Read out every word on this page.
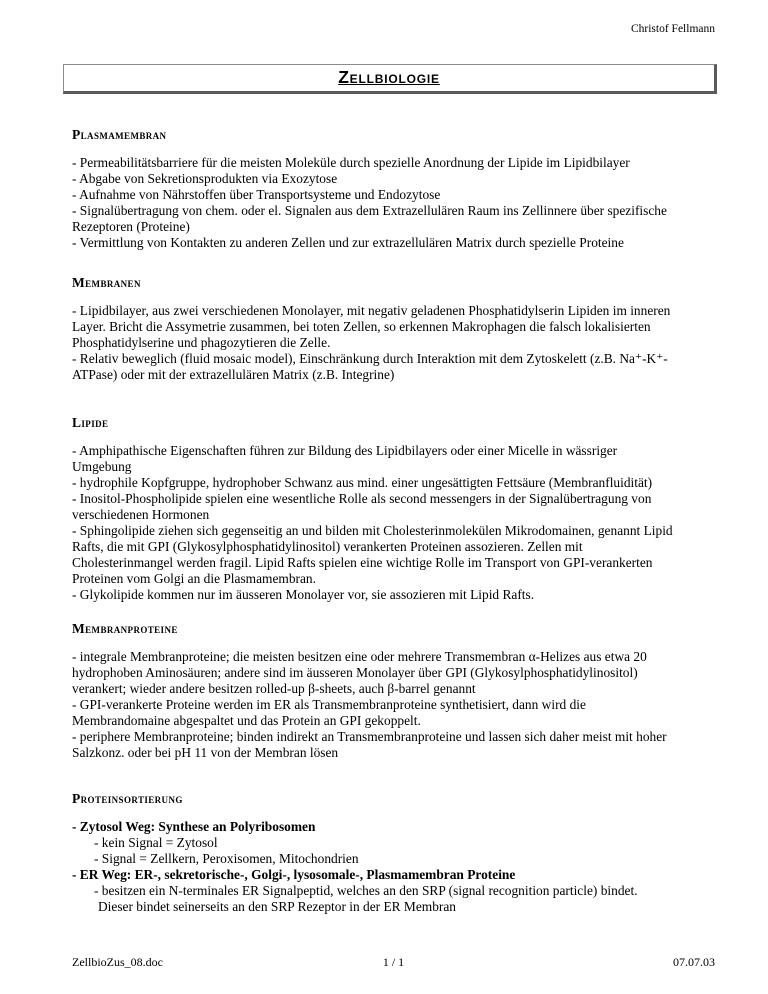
Christof Fellmann
Zellbiologie
Plasmamembran
- Permeabilitätsbarriere für die meisten Moleküle durch spezielle Anordnung der Lipide im Lipidbilayer
- Abgabe von Sekretionsprodukten via Exozytose
- Aufnahme von Nährstoffen über Transportsysteme und Endozytose
- Signalübertragung von chem. oder el. Signalen aus dem Extrazellulären Raum ins Zellinnere über spezifische
Rezeptoren (Proteine)
- Vermittlung von Kontakten zu anderen Zellen und zur extrazellulären Matrix durch spezielle Proteine
Membranen
- Lipidbilayer, aus zwei verschiedenen Monolayer, mit negativ geladenen Phosphatidylserin Lipiden im inneren
Layer. Bricht die Assymetrie zusammen, bei toten Zellen, so erkennen Makrophagen die falsch lokalisierten
Phosphatidylserine und phagozytieren die Zelle.
- Relativ beweglich (fluid mosaic model), Einschränkung durch Interaktion mit dem Zytoskelett (z.B. Na⁺-K⁺-
ATPase) oder mit der extrazellulären Matrix (z.B. Integrine)
Lipide
- Amphipathische Eigenschaften führen zur Bildung des Lipidbilayers oder einer Micelle in wässriger
Umgebung
- hydrophile Kopfgruppe, hydrophober Schwanz aus mind. einer ungesättigten Fettsäure (Membranfluidität)
- Inositol-Phospholipide spielen eine wesentliche Rolle als second messengers in der Signalübertragung von
verschiedenen Hormonen
- Sphingolipide ziehen sich gegenseitig an und bilden mit Cholesterinmolekülen Mikrodomainen, genannt Lipid
Rafts, die mit GPI (Glykosylphosphatidylinositol) verankerten Proteinen assozieren. Zellen mit
Cholesterinmangel werden fragil. Lipid Rafts spielen eine wichtige Rolle im Transport von GPI-verankerten
Proteinen vom Golgi an die Plasmamembran.
- Glykolipide kommen nur im äusseren Monolayer vor, sie assozieren mit Lipid Rafts.
Membranproteine
- integrale Membranproteine; die meisten besitzen eine oder mehrere Transmembran α-Helizes aus etwa 20
hydrophoben Aminosäuren; andere sind im äusseren Monolayer über GPI (Glykosylphosphatidylinositol)
verankert; wieder andere besitzen rolled-up β-sheets, auch β-barrel genannt
- GPI-verankerte Proteine werden im ER als Transmembranproteine synthetisiert, dann wird die
Membrandomaine abgespaltet und das Protein an GPI gekoppelt.
- periphere Membranproteine; binden indirekt an Transmembranproteine und lassen sich daher meist mit hoher
Salzkonz. oder bei pH 11 von der Membran lösen
Proteinsortierung
- Zytosol Weg: Synthese an Polyribosomen
- kein Signal = Zytosol
- Signal = Zellkern, Peroxisomen, Mitochondrien
- ER Weg: ER-, sekretorische-, Golgi-, lysosomale-, Plasmamembran Proteine
- besitzen ein N-terminales ER Signalpeptid, welches an den SRP (signal recognition particle) bindet.
Dieser bindet seinerseits an den SRP Rezeptor in der ER Membran
ZellbioZus_08.doc	1 / 1	07.07.03
